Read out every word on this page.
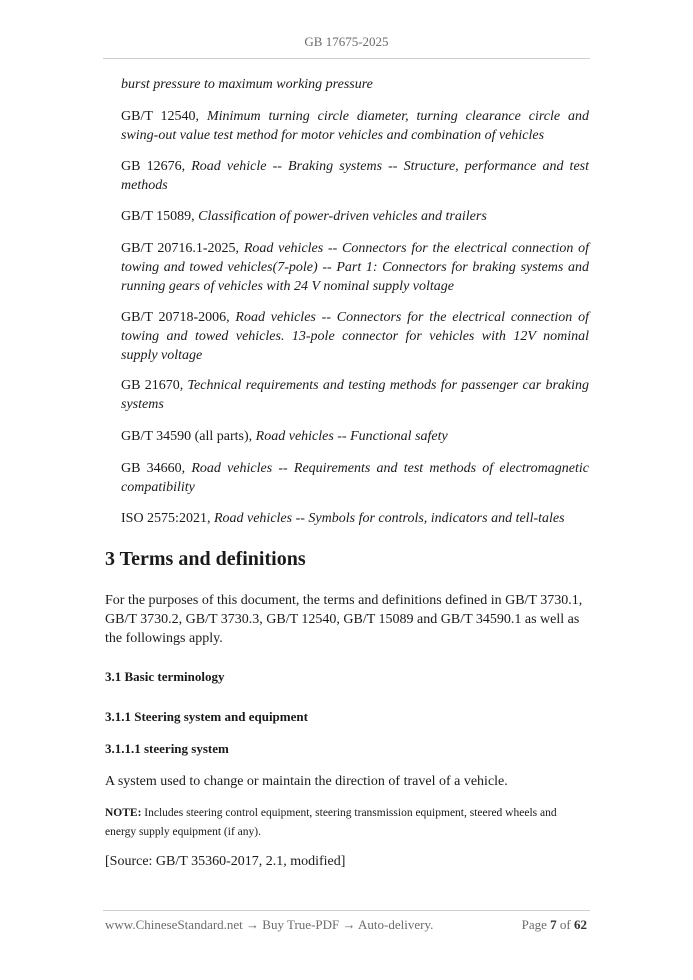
GB 17675-2025
burst pressure to maximum working pressure
GB/T 12540, Minimum turning circle diameter, turning clearance circle and swing-out value test method for motor vehicles and combination of vehicles
GB 12676, Road vehicle -- Braking systems -- Structure, performance and test methods
GB/T 15089, Classification of power-driven vehicles and trailers
GB/T 20716.1-2025, Road vehicles -- Connectors for the electrical connection of towing and towed vehicles(7-pole) -- Part 1: Connectors for braking systems and running gears of vehicles with 24 V nominal supply voltage
GB/T 20718-2006, Road vehicles -- Connectors for the electrical connection of towing and towed vehicles. 13-pole connector for vehicles with 12V nominal supply voltage
GB 21670, Technical requirements and testing methods for passenger car braking systems
GB/T 34590 (all parts), Road vehicles -- Functional safety
GB 34660, Road vehicles -- Requirements and test methods of electromagnetic compatibility
ISO 2575:2021, Road vehicles -- Symbols for controls, indicators and tell-tales
3 Terms and definitions
For the purposes of this document, the terms and definitions defined in GB/T 3730.1, GB/T 3730.2, GB/T 3730.3, GB/T 12540, GB/T 15089 and GB/T 34590.1 as well as the followings apply.
3.1 Basic terminology
3.1.1 Steering system and equipment
3.1.1.1 steering system
A system used to change or maintain the direction of travel of a vehicle.
NOTE: Includes steering control equipment, steering transmission equipment, steered wheels and energy supply equipment (if any).
[Source: GB/T 35360-2017, 2.1, modified]
www.ChineseStandard.net → Buy True-PDF → Auto-delivery.	Page 7 of 62
